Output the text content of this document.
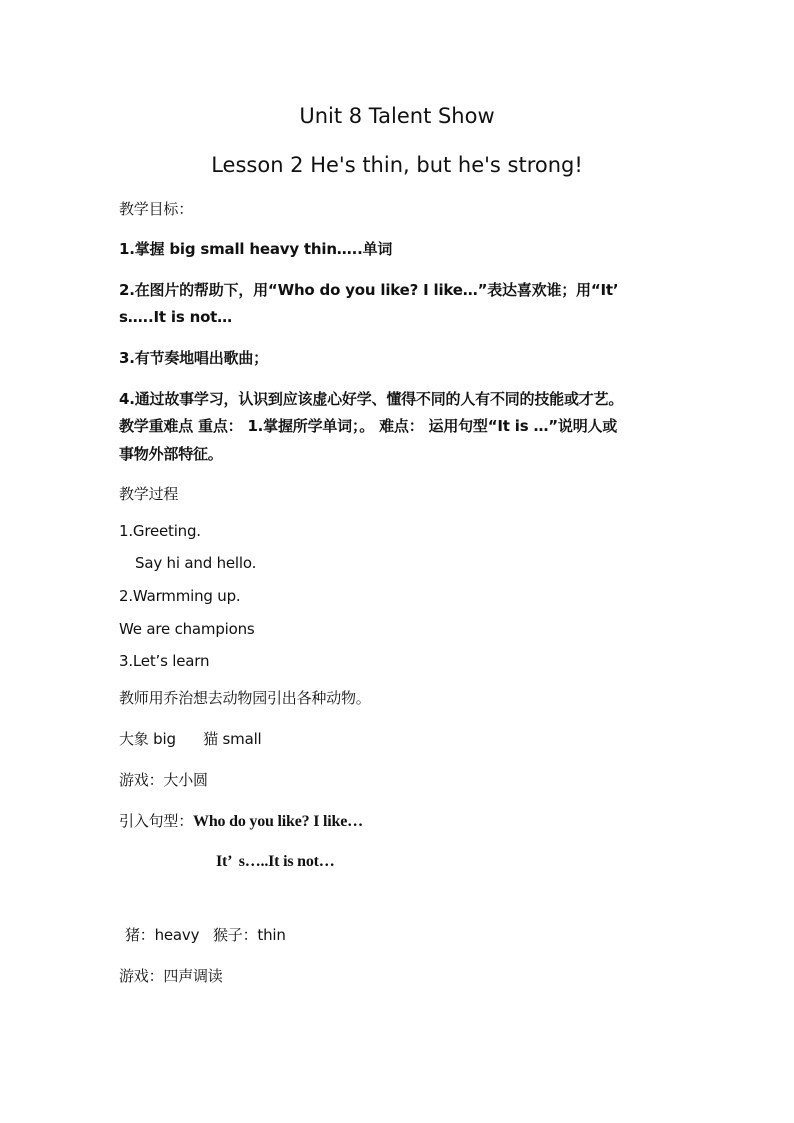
Unit 8 Talent Show
Lesson 2 He's thin, but he's strong!
教学目标：
1.掌握 big small heavy thin…..单词
2.在图片的帮助下，用“Who do you like? I like…”表达喜欢谁；用“It’
s…..It is not…
3.有节奏地唱出歌曲；
4.通过故事学习，认识到应该虚心好学、懂得不同的人有不同的技能或才艺。
教学重难点 重点： 1.掌握所学单词；。 难点： 运用句型“It is …”说明人或
事物外部特征。
教学过程
1.Greeting.
Say hi and hello.
2.Warmming up.
We are champions
3.Let’s learn
教师用乔治想去动物园引出各种动物。
大象 big      猫 small
游戏：大小圆
引入句型：Who do you like? I like…
It’  s…..It is not…
猪：heavy   猴子：thin
游戏：四声调读
